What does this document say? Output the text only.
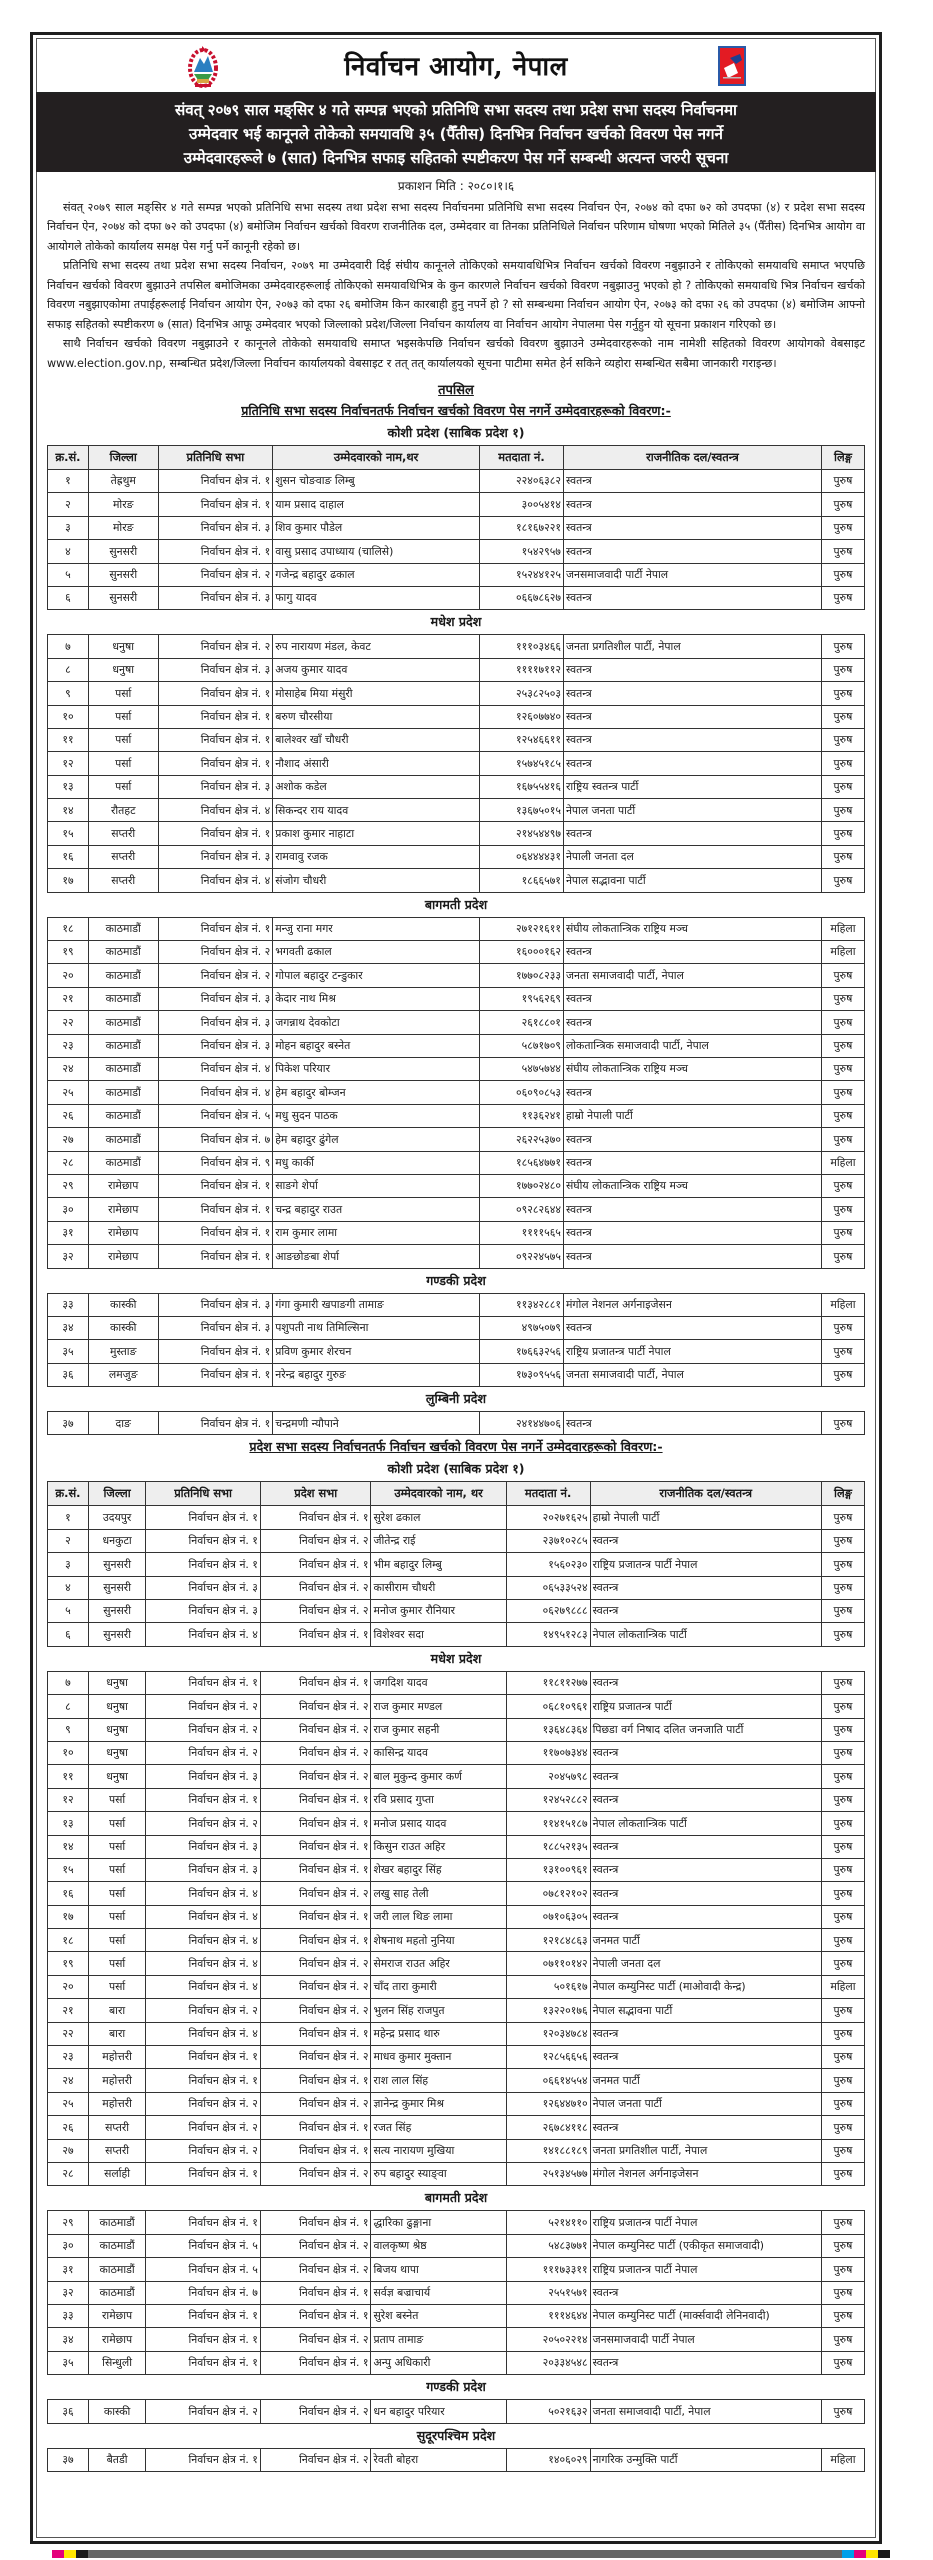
निर्वाचन आयोग, नेपाल
संवत् २०७९ साल मङ्सिर ४ गते सम्पन्न भएको प्रतिनिधि सभा सदस्य तथा प्रदेश सभा सदस्य निर्वाचनमा
उम्मेदवार भई कानूनले तोकेको समयावधि ३५ (पैँतीस) दिनभित्र निर्वाचन खर्चको विवरण पेस नगर्ने
उम्मेदवारहरूले ७ (सात) दिनभित्र सफाइ सहितको स्पष्टीकरण पेस गर्ने सम्बन्धी अत्यन्त जरुरी सूचना
प्रकाशन मिति : २०८०।१।६

संवत् २०७९ साल मङ्सिर ४ गते सम्पन्न भएको प्रतिनिधि सभा सदस्य तथा प्रदेश सभा सदस्य निर्वाचनमा प्रतिनिधि सभा सदस्य निर्वाचन ऐन, २०७४ को दफा ७२ को उपदफा (४) र प्रदेश सभा सदस्य निर्वाचन ऐन, २०७४ को दफा ७२ को उपदफा (४) बमोजिम निर्वाचन खर्चको विवरण राजनीतिक दल, उम्मेदवार वा तिनका प्रतिनिधिले निर्वाचन परिणाम घोषणा भएको मितिले ३५ (पैँतीस) दिनभित्र आयोग वा आयोगले तोकेको कार्यालय समक्ष पेस गर्नु पर्ने कानूनी रहेको छ।

प्रतिनिधि सभा सदस्य तथा प्रदेश सभा सदस्य निर्वाचन, २०७९ मा उम्मेदवारी दिई संघीय कानूनले तोकिएको समयावधिभित्र निर्वाचन खर्चको विवरण नबुझाउने र तोकिएको समयावधि समाप्त भएपछि निर्वाचन खर्चको विवरण बुझाउने तपसिल बमोजिमका उम्मेदवारहरूलाई तोकिएको समयावधिभित्र के कुन कारणले निर्वाचन खर्चको विवरण नबुझाउनु भएको हो ? तोकिएको समयावधि भित्र निर्वाचन खर्चको विवरण नबुझाएकोमा तपाईहरूलाई निर्वाचन आयोग ऐन, २०७३ को दफा २६ बमोजिम किन कारबाही हुनु नपर्ने हो ? सो सम्बन्धमा निर्वाचन आयोग ऐन, २०७३ को दफा २६ को उपदफा (४) बमोजिम आफ्नो सफाइ सहितको स्पष्टीकरण ७ (सात) दिनभित्र आफू उम्मेदवार भएको जिल्लाको प्रदेश/जिल्ला निर्वाचन कार्यालय वा निर्वाचन आयोग नेपालमा पेस गर्नुहुन यो सूचना प्रकाशन गरिएको छ।

साथै निर्वाचन खर्चको विवरण नबुझाउने र कानूनले तोकेको समयावधि समाप्त भइसकेपछि निर्वाचन खर्चको विवरण बुझाउने उम्मेदवारहरूको नाम नामेशी सहितको विवरण आयोगको वेबसाइट www.election.gov.np, सम्बन्धित प्रदेश/जिल्ला निर्वाचन कार्यालयको वेबसाइट र तत् तत् कार्यालयको सूचना पाटीमा समेत हेर्न सकिने व्यहोरा सम्बन्धित सबैमा जानकारी गराइन्छ।

तपसिल
प्रतिनिधि सभा सदस्य निर्वाचनतर्फ निर्वाचन खर्चको विवरण पेस नगर्ने उम्मेदवारहरूको विवरण:-
कोशी प्रदेश (साबिक प्रदेश १)
क्र.सं.	जिल्ला	प्रतिनिधि सभा	उम्मेदवारको नाम,थर	मतदाता नं.	राजनीतिक दल/स्वतन्त्र	लिङ्ग
१	तेह्रथुम	निर्वाचन क्षेत्र नं. १	शुसन चोङवाङ लिम्बु	२२४०६३८२	स्वतन्त्र	पुरुष
२	मोरङ	निर्वाचन क्षेत्र नं. १	याम प्रसाद दाहाल	३००५४१४	स्वतन्त्र	पुरुष
३	मोरङ	निर्वाचन क्षेत्र नं. ३	शिव कुमार पौडेल	१८१६७२२१	स्वतन्त्र	पुरुष
४	सुनसरी	निर्वाचन क्षेत्र नं. १	वासु प्रसाद उपाध्याय (चालिसे)	१५४२९५७	स्वतन्त्र	पुरुष
५	सुनसरी	निर्वाचन क्षेत्र नं. २	गजेन्द्र बहादुर ढकाल	१५२४४१२५	जनसमाजवादी पार्टी नेपाल	पुरुष
६	सुनसरी	निर्वाचन क्षेत्र नं. ३	फागु यादव	०६६७८६२७	स्वतन्त्र	पुरुष
मधेश प्रदेश
७	धनुषा	निर्वाचन क्षेत्र नं. २	रुप नारायण मंडल, केवट	१११०३४६६	जनता प्रगतिशील पार्टी, नेपाल	पुरुष
८	धनुषा	निर्वाचन क्षेत्र नं. ३	अजय कुमार यादव	११११७११२	स्वतन्त्र	पुरुष
९	पर्सा	निर्वाचन क्षेत्र नं. १	मोसाहेब मिया मंसुरी	२५३८२५०३	स्वतन्त्र	पुरुष
१०	पर्सा	निर्वाचन क्षेत्र नं. १	बरुण चौरसीया	१२६०७७४०	स्वतन्त्र	पुरुष
११	पर्सा	निर्वाचन क्षेत्र नं. १	बालेश्वर खाँ चौधरी	१२५४६६११	स्वतन्त्र	पुरुष
१२	पर्सा	निर्वाचन क्षेत्र नं. १	नौशाद अंसारी	१५७४५१८५	स्वतन्त्र	पुरुष
१३	पर्सा	निर्वाचन क्षेत्र नं. ३	अशोक कडेल	१६७५५४१६	राष्ट्रिय स्वतन्त्र पार्टी	पुरुष
१४	रौतहट	निर्वाचन क्षेत्र नं. ४	सिकन्दर राय यादव	१३६७५०१५	नेपाल जनता पार्टी	पुरुष
१५	सप्तरी	निर्वाचन क्षेत्र नं. १	प्रकाश कुमार नाहाटा	२१४५४४९७	स्वतन्त्र	पुरुष
१६	सप्तरी	निर्वाचन क्षेत्र नं. ३	रामवावु रजक	०६४४४४३१	नेपाली जनता दल	पुरुष
१७	सप्तरी	निर्वाचन क्षेत्र नं. ४	संजोग चौधरी	१८६६५७१	नेपाल सद्भावना पार्टी	पुरुष
बागमती प्रदेश
१८	काठमाडौं	निर्वाचन क्षेत्र नं. १	मन्जु राना मगर	२७१२१६११	संघीय लोकतान्त्रिक राष्ट्रिय मञ्च	महिला
१९	काठमाडौं	निर्वाचन क्षेत्र नं. २	भगवती ढकाल	१६०००१६२	स्वतन्त्र	महिला
२०	काठमाडौं	निर्वाचन क्षेत्र नं. २	गोपाल बहादुर टन्डुकार	१७७०८२३३	जनता समाजवादी पार्टी, नेपाल	पुरुष
२१	काठमाडौं	निर्वाचन क्षेत्र नं. ३	केदार नाथ मिश्र	१९५६२६९	स्वतन्त्र	पुरुष
२२	काठमाडौं	निर्वाचन क्षेत्र नं. ३	जगन्नाथ देवकोटा	२६१८८०१	स्वतन्त्र	पुरुष
२३	काठमाडौं	निर्वाचन क्षेत्र नं. ३	मोहन बहादुर बस्नेत	५८७१७०९	लोकतान्त्रिक समाजवादी पार्टी, नेपाल	पुरुष
२४	काठमाडौं	निर्वाचन क्षेत्र नं. ४	पिकेश परियार	५४७५७४४	संघीय लोकतान्त्रिक राष्ट्रिय मञ्च	पुरुष
२५	काठमाडौं	निर्वाचन क्षेत्र नं. ४	हेम बहादुर बोम्जन	०६०९०८५३	स्वतन्त्र	पुरुष
२६	काठमाडौं	निर्वाचन क्षेत्र नं. ५	मधु सुदन पाठक	११३६२४१	हाम्रो नेपाली पार्टी	पुरुष
२७	काठमाडौं	निर्वाचन क्षेत्र नं. ७	हेम बहादुर ढुंगेल	२६२२५३७०	स्वतन्त्र	पुरुष
२८	काठमाडौं	निर्वाचन क्षेत्र नं. ९	मधु कार्की	१८५६४७७१	स्वतन्त्र	महिला
२९	रामेछाप	निर्वाचन क्षेत्र नं. १	साङगे शेर्पा	१७७०२४८०	संघीय लोकतान्त्रिक राष्ट्रिय मञ्च	पुरुष
३०	रामेछाप	निर्वाचन क्षेत्र नं. १	चन्द्र बहादुर राउत	०९२८२६४४	स्वतन्त्र	पुरुष
३१	रामेछाप	निर्वाचन क्षेत्र नं. १	राम कुमार लामा	११११५६५	स्वतन्त्र	पुरुष
३२	रामेछाप	निर्वाचन क्षेत्र नं. १	आङछोङबा शेर्पा	०९२२४५७५	स्वतन्त्र	पुरुष
गण्डकी प्रदेश
३३	कास्की	निर्वाचन क्षेत्र नं. ३	गंगा कुमारी खपाङगी तामाङ	११३४२८८१	मंगोल नेशनल अर्गनाइजेसन	महिला
३४	कास्की	निर्वाचन क्षेत्र नं. ३	पशुपती नाथ तिमिल्सिना	४९७५०७९	स्वतन्त्र	पुरुष
३५	मुस्ताङ	निर्वाचन क्षेत्र नं. १	प्रविण कुमार शेरचन	१७६६३२५६	राष्ट्रिय प्रजातन्त्र पार्टी नेपाल	पुरुष
३६	लमजुङ	निर्वाचन क्षेत्र नं. १	नरेन्द्र बहादुर गुरुङ	१७३०९५५६	जनता समाजवादी पार्टी, नेपाल	पुरुष
लुम्बिनी प्रदेश
३७	दाङ	निर्वाचन क्षेत्र नं. १	चन्द्रमणी न्यौपाने	२४१४४७०६	स्वतन्त्र	पुरुष
प्रदेश सभा सदस्य निर्वाचनतर्फ निर्वाचन खर्चको विवरण पेस नगर्ने उम्मेदवारहरूको विवरण:-
कोशी प्रदेश (साबिक प्रदेश १)
क्र.सं.	जिल्ला	प्रतिनिधि सभा	प्रदेश सभा	उम्मेदवारको नाम, थर	मतदाता नं.	राजनीतिक दल/स्वतन्त्र	लिङ्ग
१	उदयपुर	निर्वाचन क्षेत्र नं. १	निर्वाचन क्षेत्र नं. १	सुरेश ढकाल	२०२७१६२५	हाम्रो नेपाली पार्टी	पुरुष
२	धनकुटा	निर्वाचन क्षेत्र नं. १	निर्वाचन क्षेत्र नं. २	जीतेन्द्र राई	२३७१०२८५	स्वतन्त्र	पुरुष
३	सुनसरी	निर्वाचन क्षेत्र नं. १	निर्वाचन क्षेत्र नं. १	भीम बहादुर लिम्बु	१५६०२३०	राष्ट्रिय प्रजातन्त्र पार्टी नेपाल	पुरुष
४	सुनसरी	निर्वाचन क्षेत्र नं. ३	निर्वाचन क्षेत्र नं. २	कासीराम चौधरी	०६५३३५२४	स्वतन्त्र	पुरुष
५	सुनसरी	निर्वाचन क्षेत्र नं. ३	निर्वाचन क्षेत्र नं. २	मनोज कुमार रौनियार	०६२७९८८८	स्वतन्त्र	पुरुष
६	सुनसरी	निर्वाचन क्षेत्र नं. ४	निर्वाचन क्षेत्र नं. १	विशेश्वर सदा	१४९५१२८३	नेपाल लोकतान्त्रिक पार्टी	पुरुष
मधेश प्रदेश
७	धनुषा	निर्वाचन क्षेत्र नं. १	निर्वाचन क्षेत्र नं. १	जगदिश यादव	११८११२७७	स्वतन्त्र	पुरुष
८	धनुषा	निर्वाचन क्षेत्र नं. २	निर्वाचन क्षेत्र नं. २	राज कुमार मण्डल	०६८१०९६१	राष्ट्रिय प्रजातन्त्र पार्टी	पुरुष
९	धनुषा	निर्वाचन क्षेत्र नं. २	निर्वाचन क्षेत्र नं. २	राज कुमार सहनी	१३६४८३६४	पिछडा वर्ग निषाद दलित जनजाति पार्टी	पुरुष
१०	धनुषा	निर्वाचन क्षेत्र नं. २	निर्वाचन क्षेत्र नं. २	कासिन्द्र यादव	११७०७३४४	स्वतन्त्र	पुरुष
११	धनुषा	निर्वाचन क्षेत्र नं. ३	निर्वाचन क्षेत्र नं. २	बाल मुकुन्द कुमार कर्ण	२०४५७९८	स्वतन्त्र	पुरुष
१२	पर्सा	निर्वाचन क्षेत्र नं. १	निर्वाचन क्षेत्र नं. १	रवि प्रसाद गुप्ता	१२४५२८८२	स्वतन्त्र	पुरुष
१३	पर्सा	निर्वाचन क्षेत्र नं. २	निर्वाचन क्षेत्र नं. १	मनोज प्रसाद यादव	११४१५१८७	नेपाल लोकतान्त्रिक पार्टी	पुरुष
१४	पर्सा	निर्वाचन क्षेत्र नं. ३	निर्वाचन क्षेत्र नं. १	किसुन राउत अहिर	१८८५२१३५	स्वतन्त्र	पुरुष
१५	पर्सा	निर्वाचन क्षेत्र नं. ३	निर्वाचन क्षेत्र नं. १	शेखर बहादुर सिंह	१३१००९६१	स्वतन्त्र	पुरुष
१६	पर्सा	निर्वाचन क्षेत्र नं. ४	निर्वाचन क्षेत्र नं. २	लखु साह तेली	०७८१२१०२	स्वतन्त्र	पुरुष
१७	पर्सा	निर्वाचन क्षेत्र नं. ४	निर्वाचन क्षेत्र नं. १	जरी लाल थिङ लामा	०७१०६३०५	स्वतन्त्र	पुरुष
१८	पर्सा	निर्वाचन क्षेत्र नं. ४	निर्वाचन क्षेत्र नं. १	शेषनाथ महतो नुनिया	१२१८४८६३	जनमत पार्टी	पुरुष
१९	पर्सा	निर्वाचन क्षेत्र नं. ४	निर्वाचन क्षेत्र नं. २	सेमराज राउत अहिर	०७११०१४२	नेपाली जनता दल	पुरुष
२०	पर्सा	निर्वाचन क्षेत्र नं. ४	निर्वाचन क्षेत्र नं. २	चाँद तारा कुमारी	५०१६१७	नेपाल कम्युनिस्ट पार्टी (माओवादी केन्द्र)	महिला
२१	बारा	निर्वाचन क्षेत्र नं. २	निर्वाचन क्षेत्र नं. २	भुलन सिंह राजपुत	१३२२०१७६	नेपाल सद्भावना पार्टी	पुरुष
२२	बारा	निर्वाचन क्षेत्र नं. ४	निर्वाचन क्षेत्र नं. १	महेन्द्र प्रसाद थारु	१२०३४७८४	स्वतन्त्र	पुरुष
२३	महोत्तरी	निर्वाचन क्षेत्र नं. १	निर्वाचन क्षेत्र नं. २	माधव कुमार मुक्तान	१२८५६६५६	स्वतन्त्र	पुरुष
२४	महोत्तरी	निर्वाचन क्षेत्र नं. १	निर्वाचन क्षेत्र नं. १	राश लाल सिंह	०६६१४५५४	जनमत पार्टी	पुरुष
२५	महोत्तरी	निर्वाचन क्षेत्र नं. २	निर्वाचन क्षेत्र नं. २	ज्ञानेन्द्र कुमार मिश्र	१२६४४७१०	नेपाल जनता पार्टी	पुरुष
२६	सप्तरी	निर्वाचन क्षेत्र नं. २	निर्वाचन क्षेत्र नं. १	रजत सिंह	२६७८४११८	स्वतन्त्र	पुरुष
२७	सप्तरी	निर्वाचन क्षेत्र नं. २	निर्वाचन क्षेत्र नं. १	सत्य नारायण मुखिया	१४१८८१८९	जनता प्रगतिशील पार्टी, नेपाल	पुरुष
२८	सर्लाही	निर्वाचन क्षेत्र नं. १	निर्वाचन क्षेत्र नं. २	रुप बहादुर स्याङ्वा	२५१३४५७७	मंगोल नेशनल अर्गनाइजेसन	पुरुष
बागमती प्रदेश
२९	काठमाडौं	निर्वाचन क्षेत्र नं. १	निर्वाचन क्षेत्र नं. १	द्धारिका ढुङ्गाना	५२१४११०	राष्ट्रिय प्रजातन्त्र पार्टी नेपाल	पुरुष
३०	काठमाडौं	निर्वाचन क्षेत्र नं. ५	निर्वाचन क्षेत्र नं. २	वालकृष्ण श्रेष्ठ	५४८३७७१	नेपाल कम्युनिस्ट पार्टी (एकीकृत समाजवादी)	पुरुष
३१	काठमाडौं	निर्वाचन क्षेत्र नं. ५	निर्वाचन क्षेत्र नं. २	बिजय थापा	१११७३३११	राष्ट्रिय प्रजातन्त्र पार्टी नेपाल	पुरुष
३२	काठमाडौं	निर्वाचन क्षेत्र नं. ७	निर्वाचन क्षेत्र नं. १	सर्वज्ञ बज्राचार्य	२५५१५७१	स्वतन्त्र	पुरुष
३३	रामेछाप	निर्वाचन क्षेत्र नं. १	निर्वाचन क्षेत्र नं. १	सुरेश बस्नेत	१११४६४४	नेपाल कम्युनिस्ट पार्टी (मार्क्सवादी लेनिनवादी)	पुरुष
३४	रामेछाप	निर्वाचन क्षेत्र नं. १	निर्वाचन क्षेत्र नं. २	प्रताप तामाङ	२०५०२२१४	जनसमाजवादी पार्टी नेपाल	पुरुष
३५	सिन्धुली	निर्वाचन क्षेत्र नं. १	निर्वाचन क्षेत्र नं. १	अन्पु अधिकारी	२०३३४५४८	स्वतन्त्र	पुरुष
गण्डकी प्रदेश
३६	कास्की	निर्वाचन क्षेत्र नं. २	निर्वाचन क्षेत्र नं. २	धन बहादुर परियार	५०२१६३२	जनता समाजवादी पार्टी, नेपाल	पुरुष
सुदूरपश्चिम प्रदेश
३७	बैतडी	निर्वाचन क्षेत्र नं. १	निर्वाचन क्षेत्र नं. २	रेवती बोहरा	१४०६०२९	नागरिक उन्मुक्ति पार्टी	महिला
